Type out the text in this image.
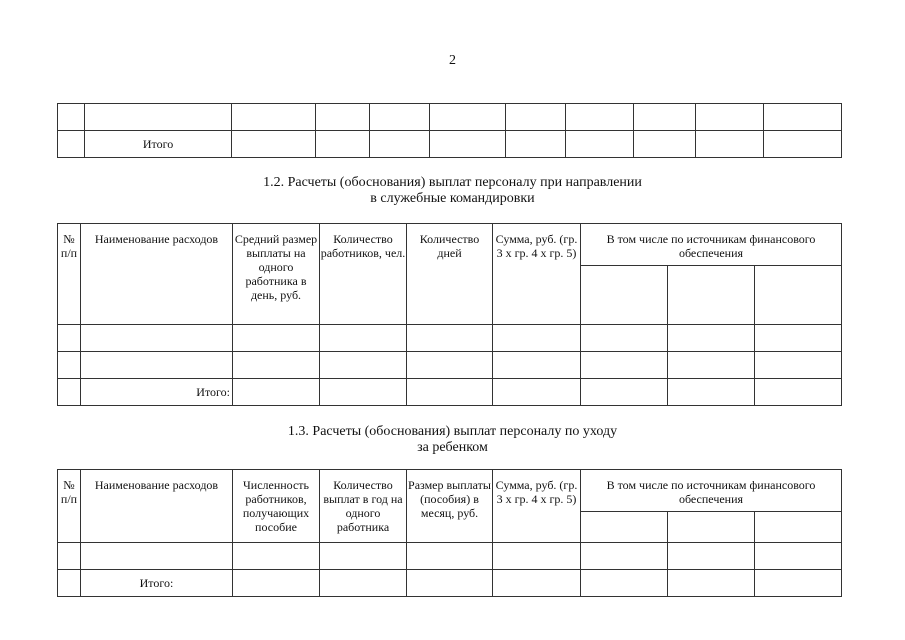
2

	Итого									
1.2. Расчеты (обоснования) выплат персоналу при направлении
в служебные командировки
№ п/п	Наименование расходов	Средний размер выплаты на одного работника в день, руб.	Количество работников, чел.	Количество дней	Сумма, руб. (гр. 3 х гр. 4 х гр. 5)	В том числе по источникам финансового обеспечения		

	Итого:							
1.3. Расчеты (обоснования) выплат персоналу по уходу
за ребенком
№ п/п	Наименование расходов	Численность работников, получающих пособие	Количество выплат в год на одного работника	Размер выплаты (пособия) в месяц, руб.	Сумма, руб. (гр. 3 х гр. 4 х гр. 5)	В том числе по источникам финансового обеспечения		

	Итого:							
